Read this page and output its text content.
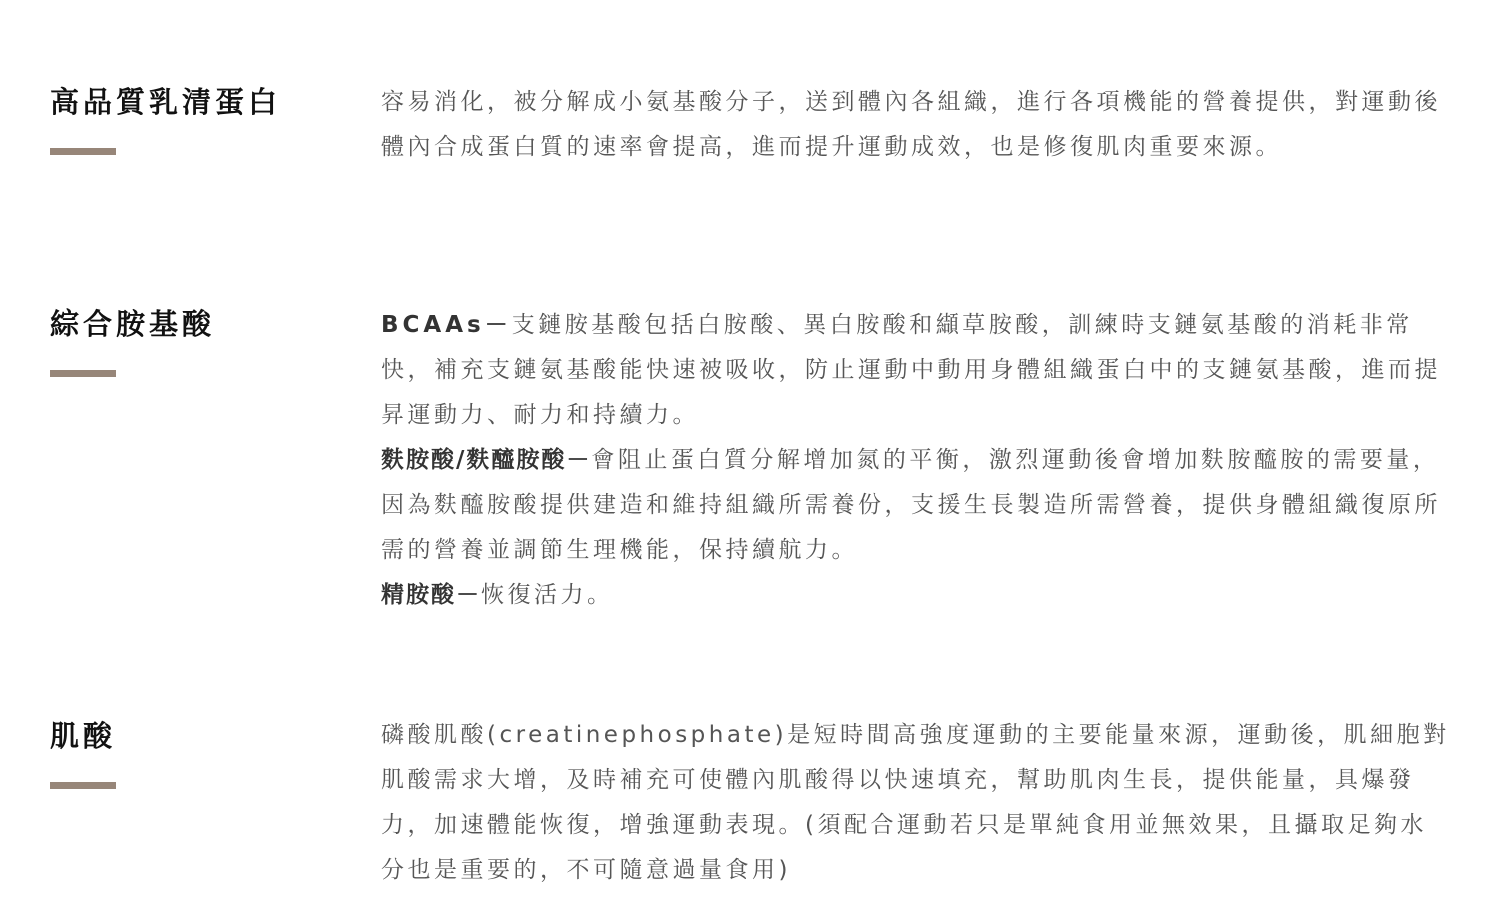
高品質乳清蛋白	容易消化，被分解成小氨基酸分子，送到體內各組織，進行各項機能的營養提供，對運動後體內合成蛋白質的速率會提高，進而提升運動成效，也是修復肌肉重要來源。

綜合胺基酸	BCAAs－支鏈胺基酸包括白胺酸、異白胺酸和纈草胺酸，訓練時支鏈氨基酸的消耗非常快，補充支鏈氨基酸能快速被吸收，防止運動中動用身體組織蛋白中的支鏈氨基酸，進而提昇運動力、耐力和持續力。

麩胺酸/麩醯胺酸－會阻止蛋白質分解增加氮的平衡，激烈運動後會增加麩胺醯胺的需要量，因為麩醯胺酸提供建造和維持組織所需養份，支援生長製造所需營養，提供身體組織復原所需的營養並調節生理機能，保持續航力。

精胺酸－恢復活力。

肌酸	磷酸肌酸(creatinephosphate)是短時間高強度運動的主要能量來源，運動後，肌細胞對肌酸需求大增，及時補充可使體內肌酸得以快速填充，幫助肌肉生長，提供能量，具爆發力，加速體能恢復，增強運動表現。(須配合運動若只是單純食用並無效果，且攝取足夠水分也是重要的，不可隨意過量食用)
